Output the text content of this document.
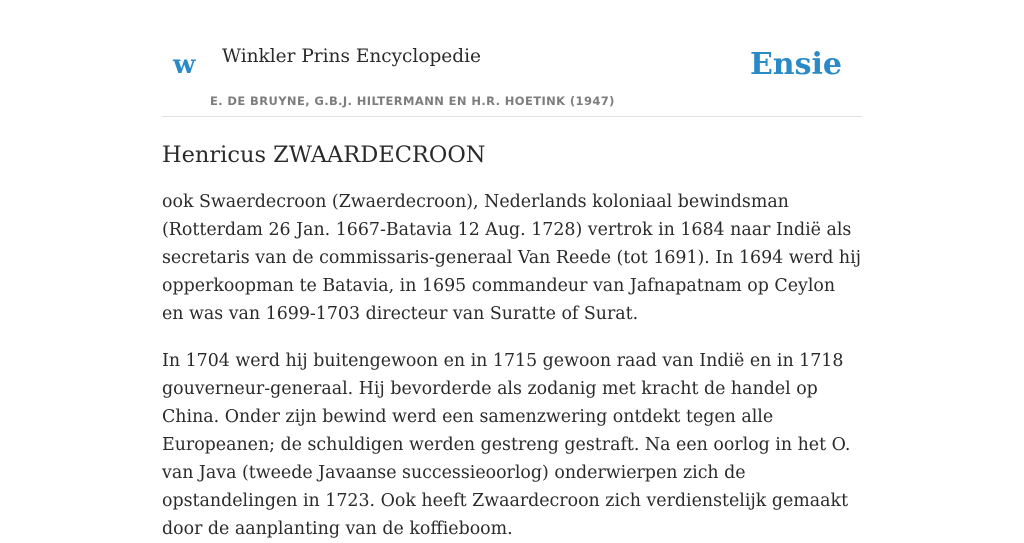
w Winkler Prins Encyclopedie
E. DE BRUYNE, G.B.J. HILTERMANN EN H.R. HOETINK (1947)
Ensie
Henricus ZWAARDECROON

ook Swaerdecroon (Zwaerdecroon), Nederlands koloniaal bewindsman (Rotterdam 26 Jan. 1667-Batavia 12 Aug. 1728) vertrok in 1684 naar Indië als secretaris van de commissaris-generaal Van Reede (tot 1691). In 1694 werd hij opperkoopman te Batavia, in 1695 commandeur van Jafnapatnam op Ceylon en was van 1699-1703 directeur van Suratte of Surat.

In 1704 werd hij buitengewoon en in 1715 gewoon raad van Indië en in 1718 gouverneur-generaal. Hij bevorderde als zodanig met kracht de handel op China. Onder zijn bewind werd een samenzwering ontdekt tegen alle Europeanen; de schuldigen werden gestreng gestraft. Na een oorlog in het O. van Java (tweede Javaanse successieoorlog) onderwierpen zich de opstandelingen in 1723. Ook heeft Zwaardecroon zich verdienstelijk gemaakt door de aanplanting van de koffieboom.
